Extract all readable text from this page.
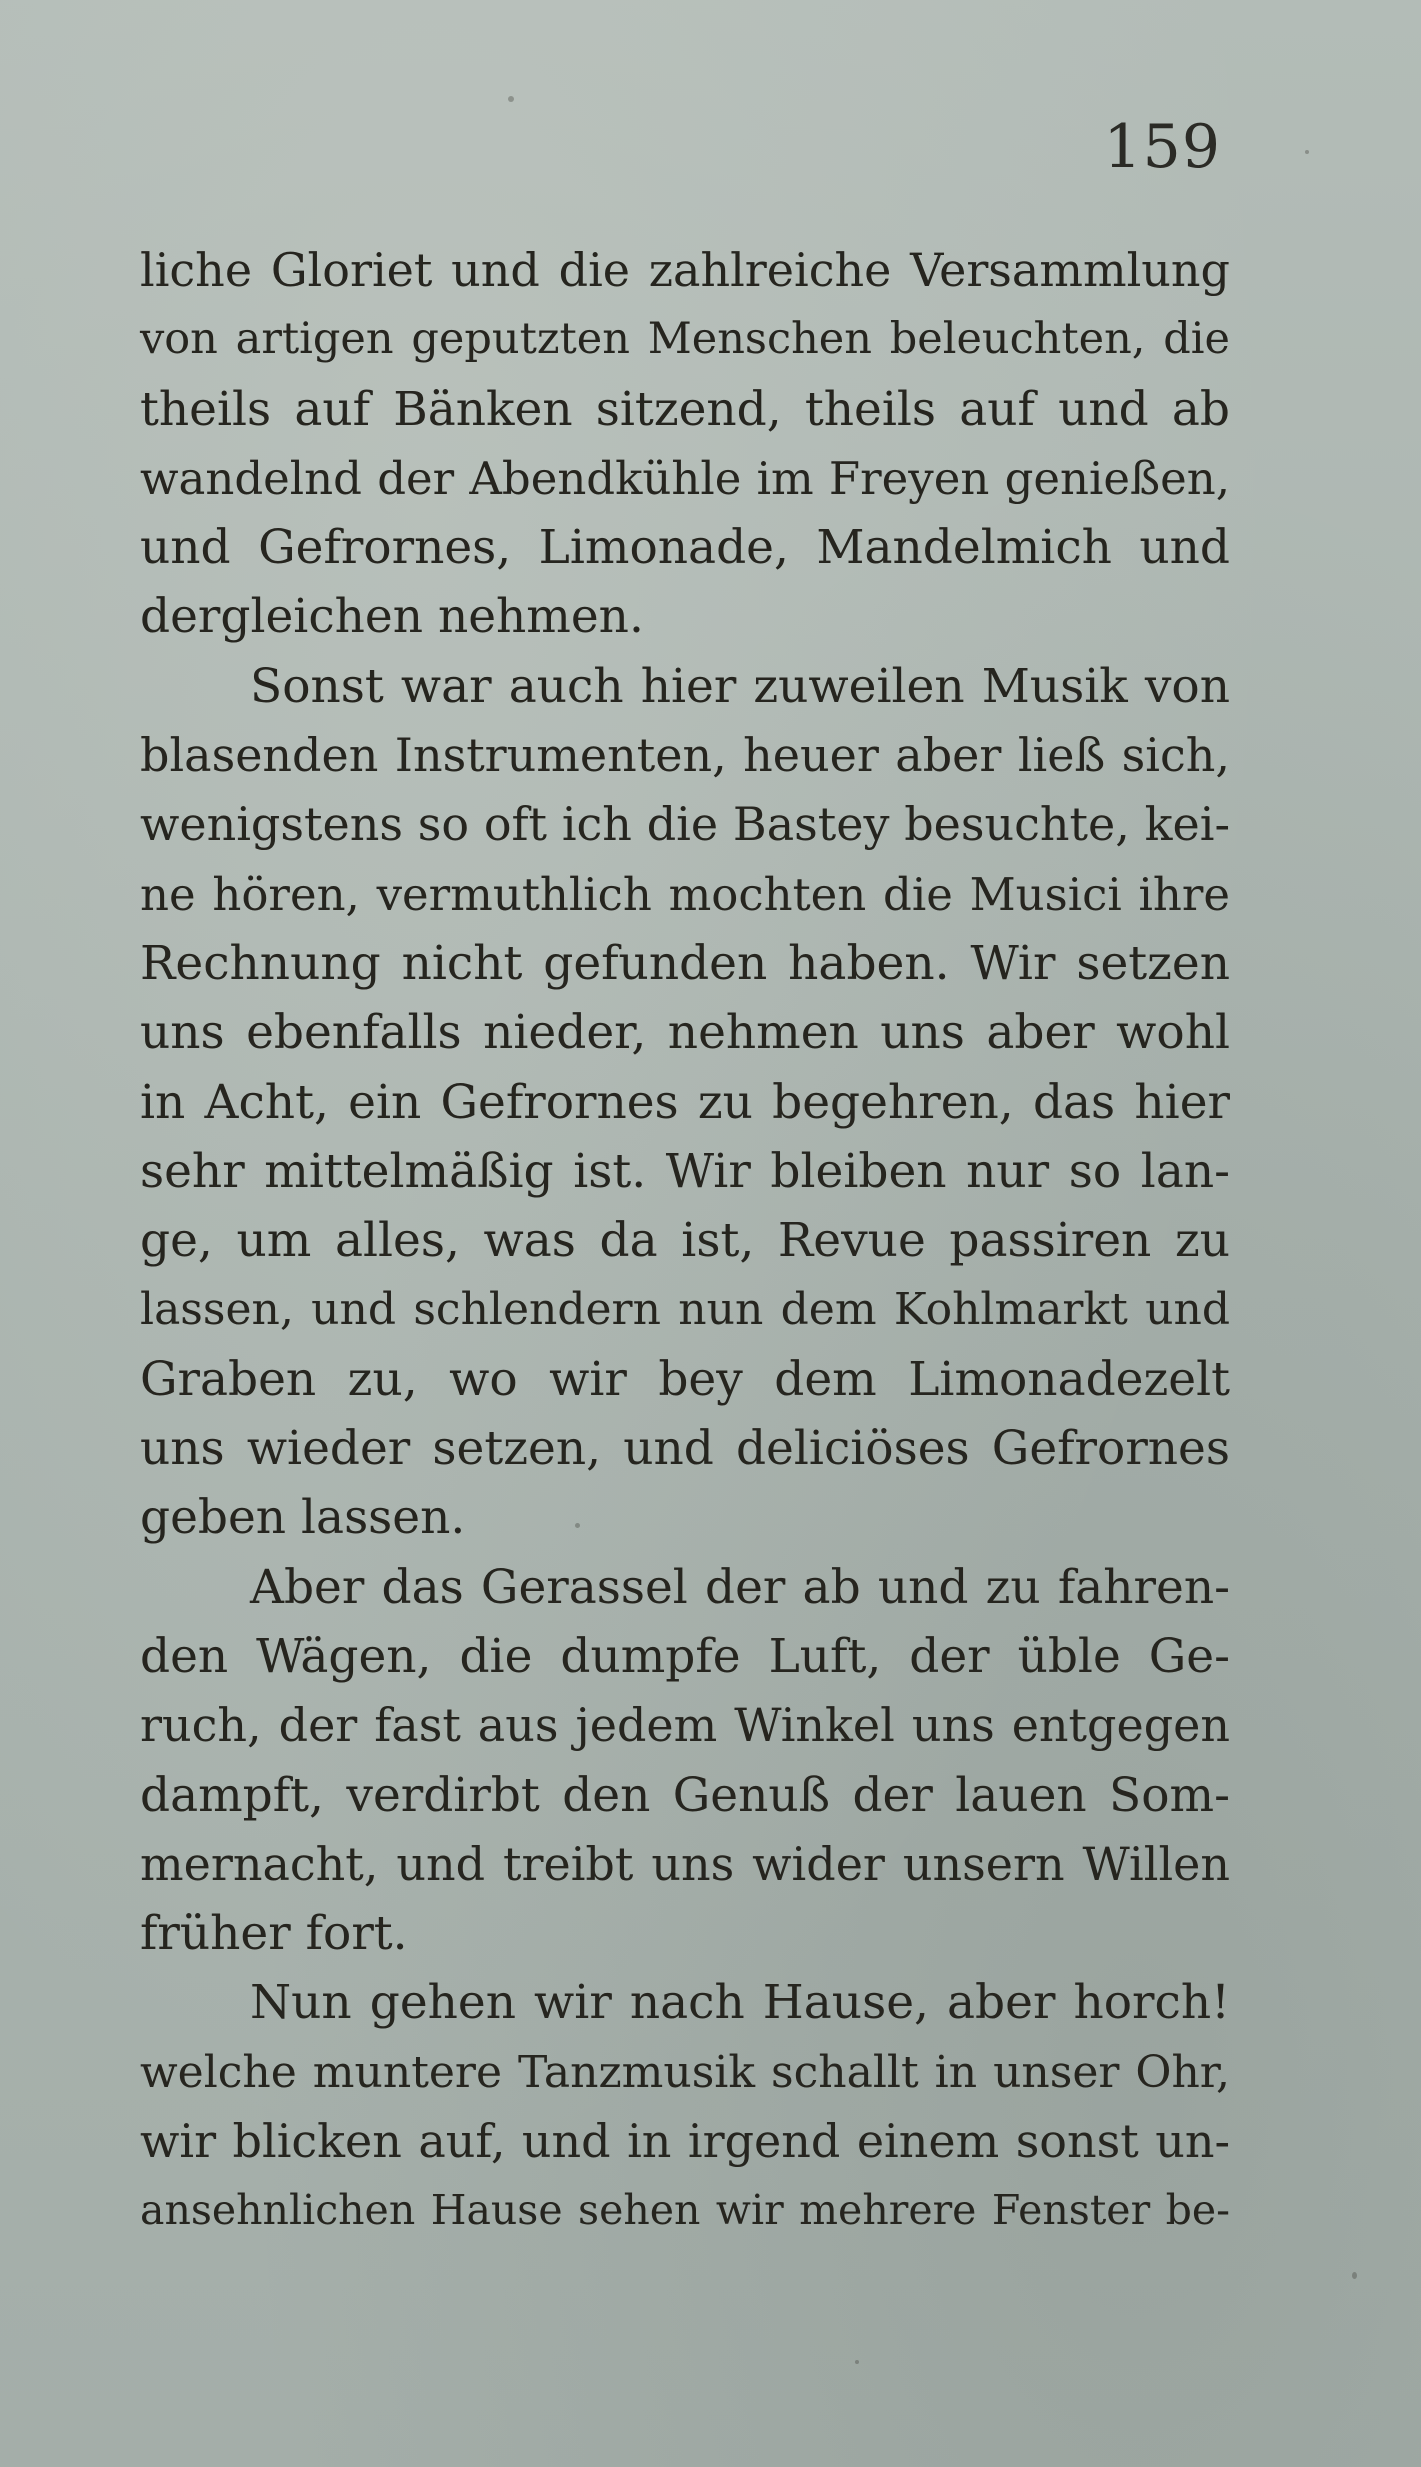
159
liche Gloriet und die zahlreiche Versammlung
von artigen geputzten Menschen beleuchten, die
theils auf Bänken sitzend, theils auf und ab
wandelnd der Abendkühle im Freyen genießen,
und Gefrornes, Limonade, Mandelmich und
dergleichen nehmen.
Sonst war auch hier zuweilen Musik von
blasenden Instrumenten, heuer aber ließ sich,
wenigstens so oft ich die Bastey besuchte, kei-
ne hören, vermuthlich mochten die Musici ihre
Rechnung nicht gefunden haben. Wir setzen
uns ebenfalls nieder, nehmen uns aber wohl
in Acht, ein Gefrornes zu begehren, das hier
sehr mittelmäßig ist. Wir bleiben nur so lan-
ge, um alles, was da ist, Revue passiren zu
lassen, und schlendern nun dem Kohlmarkt und
Graben zu, wo wir bey dem Limonadezelt
uns wieder setzen, und deliciöses Gefrornes
geben lassen.
Aber das Gerassel der ab und zu fahren-
den Wägen, die dumpfe Luft, der üble Ge-
ruch, der fast aus jedem Winkel uns entgegen
dampft, verdirbt den Genuß der lauen Som-
mernacht, und treibt uns wider unsern Willen
früher fort.
Nun gehen wir nach Hause, aber horch!
welche muntere Tanzmusik schallt in unser Ohr,
wir blicken auf, und in irgend einem sonst un-
ansehnlichen Hause sehen wir mehrere Fenster be-
